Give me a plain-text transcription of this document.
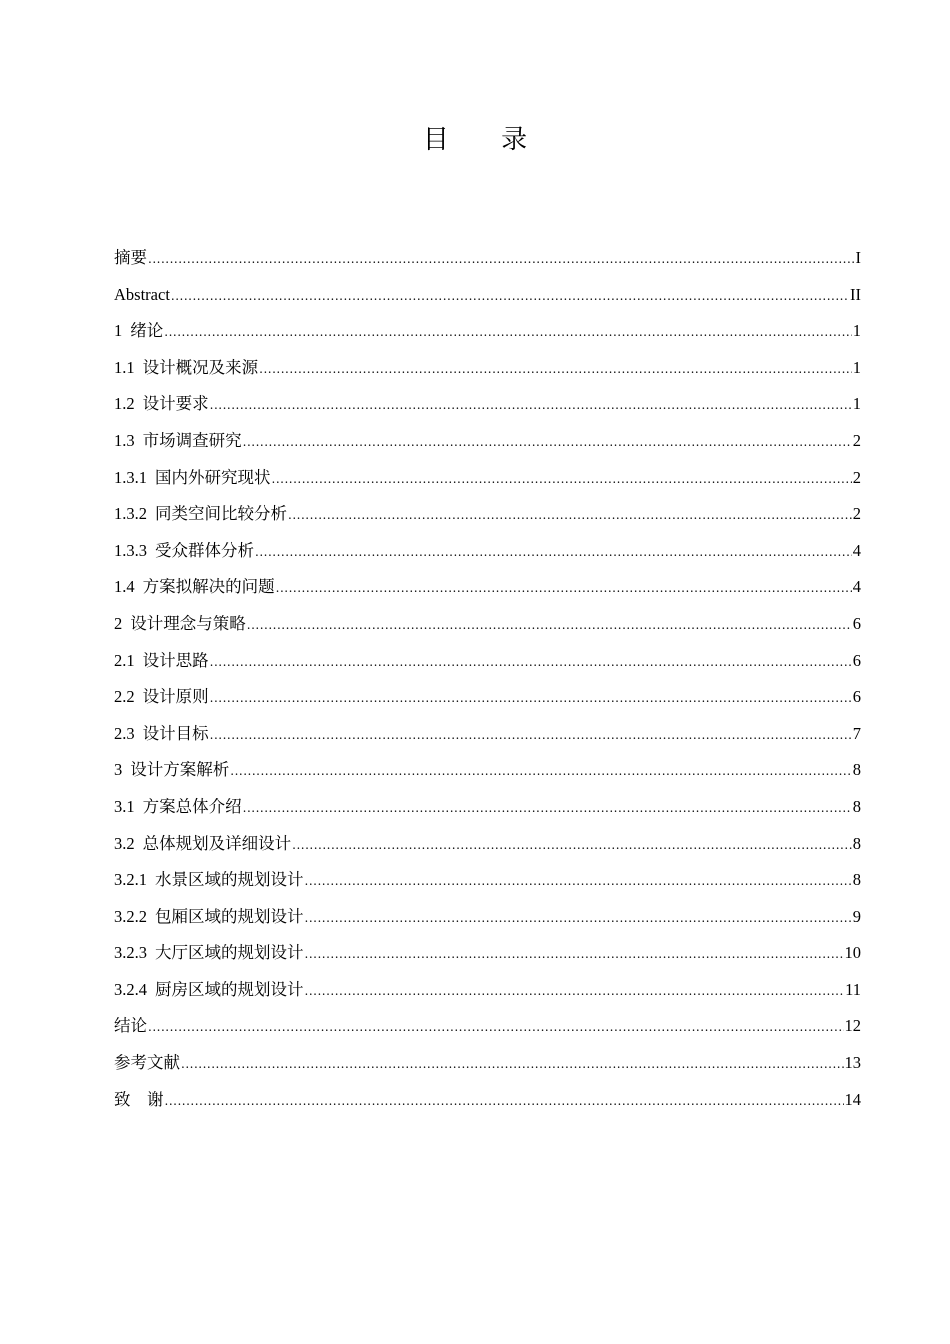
目 录
摘要 .....	I
Abstract .....	II
1 绪论 .....	1
1.1 设计概况及来源 .....	1
1.2 设计要求 .....	1
1.3 市场调查研究 .....	2
1.3.1 国内外研究现状 .....	2
1.3.2 同类空间比较分析 .....	2
1.3.3 受众群体分析 .....	4
1.4 方案拟解决的问题 .....	4
2 设计理念与策略 .....	6
2.1 设计思路 .....	6
2.2 设计原则 .....	6
2.3 设计目标 .....	7
3 设计方案解析 .....	8
3.1 方案总体介绍 .....	8
3.2 总体规划及详细设计 .....	8
3.2.1 水景区域的规划设计 .....	8
3.2.2 包厢区域的规划设计 .....	9
3.2.3 大厅区域的规划设计 .....	10
3.2.4 厨房区域的规划设计 .....	11
结论 .....	12
参考文献 .....	13
致　谢 .....	14
